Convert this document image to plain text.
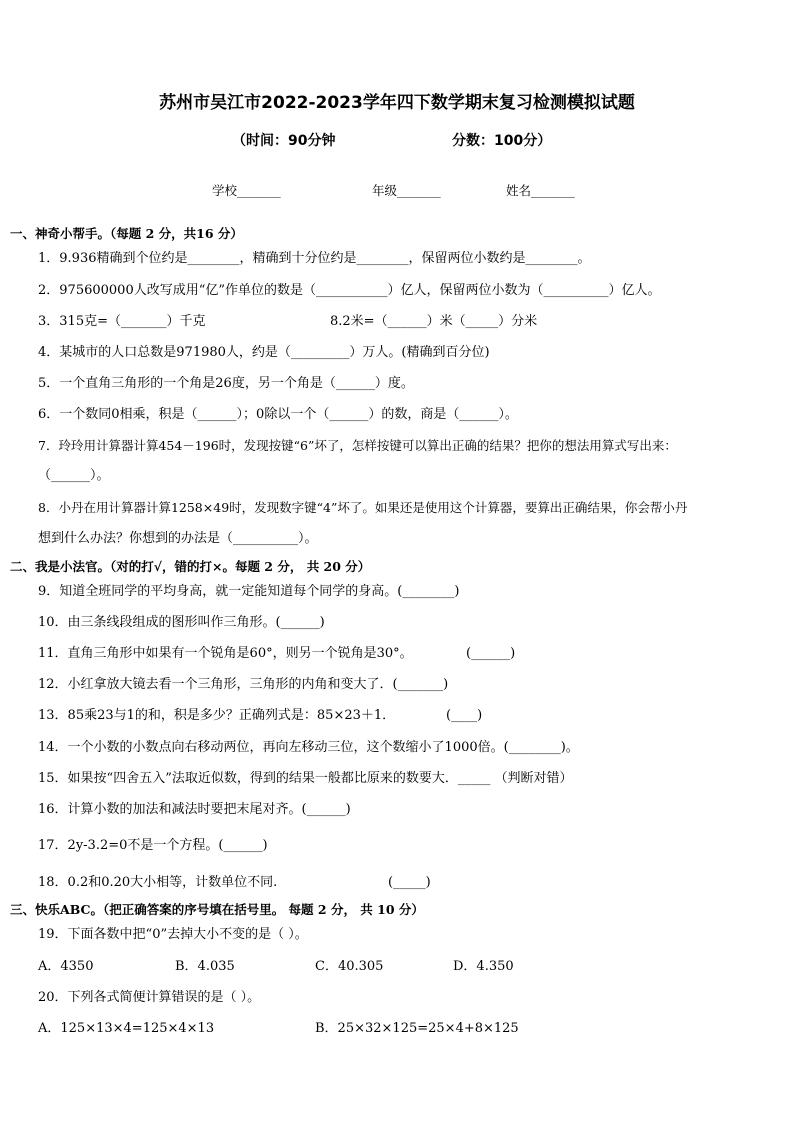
苏州市吴江市2022-2023学年四下数学期末复习检测模拟试题
（时间：90分钟	分数：100分）
学校_______	年级_______	姓名_______
一、神奇小帮手。（每题 2 分，共16 分）
1．9.936精确到个位约是________，精确到十分位约是________，保留两位小数约是________。
2．975600000人改写成用“亿”作单位的数是（___________）亿人，保留两位小数为（__________）亿人。
3．315克=（_______）千克	8.2米=（______）米（_____）分米
4．某城市的人口总数是971980人，约是（_________）万人。(精确到百分位)
5．一个直角三角形的一个角是26度，另一个角是（______）度。
6．一个数同0相乘，积是（______）；0除以一个（______）的数，商是（______）。
7．玲玲用计算器计算454－196时，发现按键“6”坏了，怎样按键可以算出正确的结果？把你的想法用算式写出来：
（______）。
8．小丹在用计算器计算1258×49时，发现数字键“4”坏了。如果还是使用这个计算器，要算出正确结果，你会帮小丹
想到什么办法？你想到的办法是（__________）。
二、我是小法官。（对的打√，错的打×。每题 2 分， 共 20 分）
9．知道全班同学的平均身高，就一定能知道每个同学的身高。(________)
10．由三条线段组成的图形叫作三角形。(______)
11．直角三角形中如果有一个锐角是60°，则另一个锐角是30°。	(______)
12．小红拿放大镜去看一个三角形，三角形的内角和变大了．(_______)
13．85乘23与1的和，积是多少？正确列式是：85×23＋1．	(____)
14．一个小数的小数点向右移动两位，再向左移动三位，这个数缩小了1000倍。(________)。
15．如果按“四舍五入”法取近似数，得到的结果一般都比原来的数要大．_____ （判断对错）
16．计算小数的加法和减法时要把末尾对齐。(______)
17．2y-3.2=0不是一个方程。(______)
18．0.2和0.20大小相等，计数单位不同.	(_____)
三、快乐ABC。（把正确答案的序号填在括号里。 每题 2 分， 共 10 分）
19．下面各数中把“0”去掉大小不变的是（ ）。
A．4350	B．4.035	C．40.305	D．4.350
20．下列各式简便计算错误的是（ ）。
A．125×13×4=125×4×13	B．25×32×125=25×4+8×125
